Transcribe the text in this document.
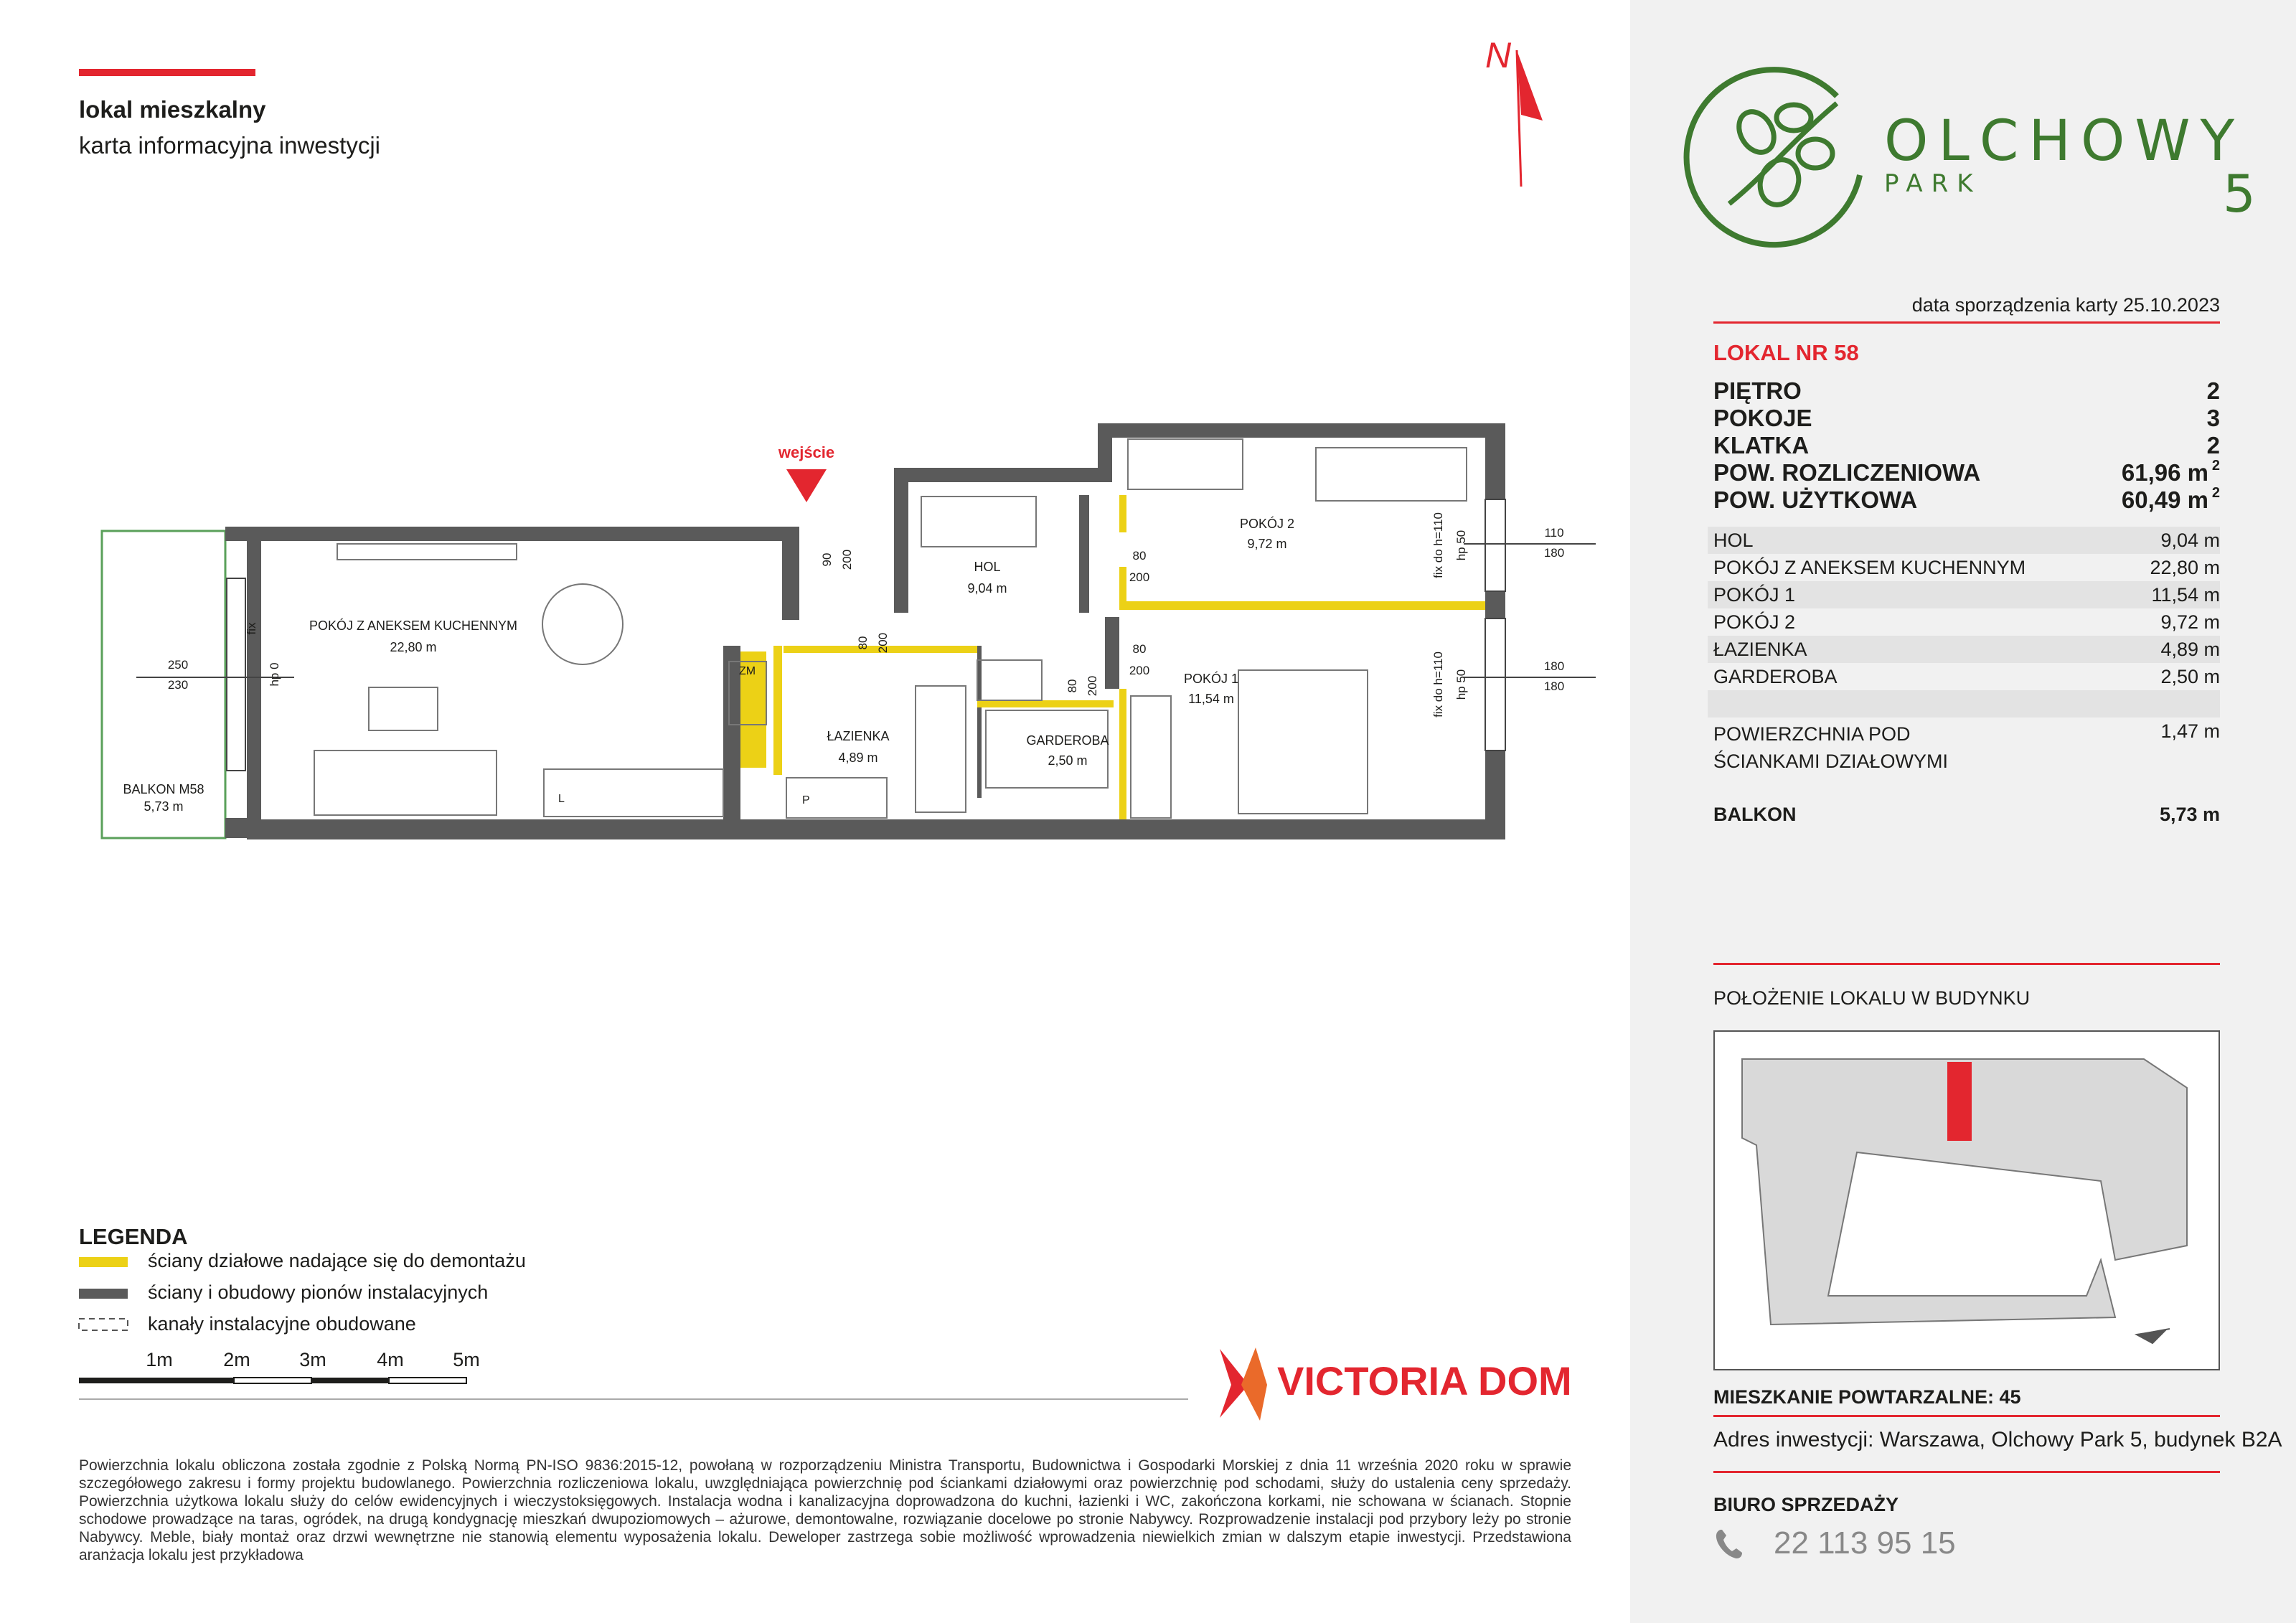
lokal mieszkalny
karta informacyjna inwestycji
N
wejście
POKÓJ Z ANEKSEM KUCHENNYM
22,80 m
HOL
9,04 m
POKÓJ 2
9,72 m
POKÓJ 1
11,54 m
ŁAZIENKA
4,89 m
GARDEROBA
2,50 m
BALKON M58
5,73 m
ZM
L	P
250
230
fix
hp 0
110
180
fix do h=110 hp 50
180
180
fix do h=110 hp 50
90 200
80 200
80 200
80
200
80
200
1m	2m	3m	4m	5m
LEGENDA
ściany działowe nadające się do demontażu
ściany i obudowy pionów instalacyjnych
kanały instalacyjne obudowane
VICTORIA DOM
Powierzchnia lokalu obliczona została zgodnie z Polską Normą PN-ISO 9836:2015-12, powołaną w rozporządzeniu Ministra Transportu, Budownictwa i Gospodarki Morskiej z dnia 11 września 2020 roku w sprawie szczegółowego zakresu i formy projektu budowlanego. Powierzchnia rozliczeniowa lokalu, uwzględniająca powierzchnię pod ściankami działowymi oraz powierzchnię pod schodami, służy do ustalenia ceny sprzedaży. Powierzchnia użytkowa lokalu służy do celów ewidencyjnych i wieczystoksięgowych. Instalacja wodna i kanalizacyjna doprowadzona do kuchni, łazienki i WC, zakończona korkami, nie schowana w ścianach. Stopnie schodowe prowadzące na taras, ogródek, na drugą kondygnację mieszkań dwupoziomowych – ażurowe, demontowalne, rozwiązanie docelowe po stronie Nabywcy. Rozprowadzenie instalacji pod przybory leży po stronie Nabywcy. Meble, biały montaż oraz drzwi wewnętrzne nie stanowią elementu wyposażenia lokalu. Deweloper zastrzega sobie możliwość wprowadzenia niewielkich zmian w dalszym etapie inwestycji. Przedstawiona aranżacja lokalu jest przykładowa
OLCHOWY
PARK	5
data sporządzenia karty 25.10.2023
LOKAL NR 58
PIĘTRO	2
POKOJE	3
KLATKA	2
POW. ROZLICZENIOWA	61,96 m 2
POW. UŻYTKOWA	60,49 m 2
HOL	9,04 m
POKÓJ Z ANEKSEM KUCHENNYM	22,80 m
POKÓJ 1	11,54 m
POKÓJ 2	9,72 m
ŁAZIENKA	4,89 m
GARDEROBA	2,50 m
POWIERZCHNIA POD ŚCIANKAMI DZIAŁOWYMI
1,47 m
BALKON	5,73 m
POŁOŻENIE LOKALU W BUDYNKU
MIESZKANIE POWTARZALNE: 45
Adres inwestycji: Warszawa, Olchowy Park 5, budynek B2A
BIURO SPRZEDAŻY
22 113 95 15
